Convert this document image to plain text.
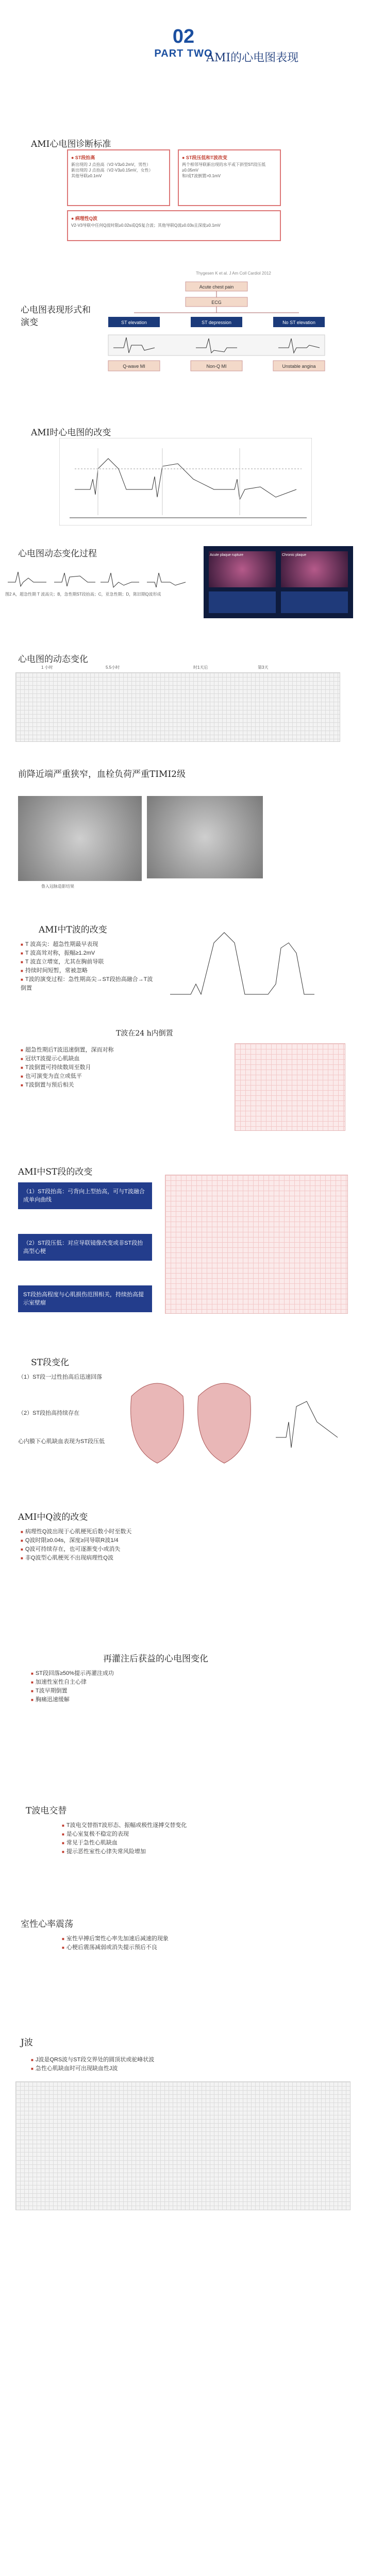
02
PART TWO
AMI的心电图表现
AMI心电图诊断标准
● ST段抬高
新出现的 J 点抬高（V2-V3≥0.2mV，男性）
新出现的 J 点抬高（V2-V3≥0.15mV，女性）
其他导联≥0.1mV
● ST段压低和T波改变
两个相邻导联新出现的水平或下斜型ST段压低≥0.05mV
和/或T波倒置>0.1mV
● 病理性Q波
V2-V3导联中任何Q波时限≥0.02s或QS复合波；其他导联Q波≥0.03s且深度≥0.1mV
Thygesen K et al. J Am Coll Cardiol 2012
心电图表现形式和演变
Acute chest pain
ECG
ST elevation	ST depression	No ST elevation
Q-wave MI	Non-Q MI	Unstable angina
AMI时心电图的改变
心电图动态变化过程
图2 A，超急性期 T 波高尖；B，急性期ST段抬高；C，亚急性期；D，陈旧期Q波形成
Acute plaque rupture	Chronic plaque
心电图的动态变化
1 小时	5.5小时	时1天后	第3天
前降近端严重狭窄，血栓负荷严重TIMI2级
鲁入冠脉造影结果
AMI中T波的改变
■ T 波高尖：超急性期最早表现
■ T 波高耸对称，振幅≥1.2mV
■ T 波直立增宽，尤其在胸前导联
■ 持续时间短暂，常被忽略
■ T波的演变过程：急性期高尖→ST段抬高融合→T波倒置
T波在24 h内倒置
■ 超急性期后T波迅速倒置，深而对称
■ 冠状T波提示心肌缺血
■ T波倒置可持续数周至数月
■ 也可演变为直立或低平
■ T波倒置与预后相关
AMI中ST段的改变
（1）ST段抬高：弓背向上型抬高，可与T波融合成单向曲线
（2）ST段压低：对应导联镜像改变或非ST段抬高型心梗
ST段抬高程度与心肌损伤范围相关，持续抬高提示室壁瘤
ST段变化
（1）ST段一过性抬高后迅速回落
（2）ST段抬高持续存在
心内膜下心肌缺血表现为ST段压低
AMI中Q波的改变
■ 病理性Q波出现于心肌梗死后数小时至数天
■ Q波时限≥0.04s，深度≥同导联R波1/4
■ Q波可持续存在，也可逐渐变小或消失
■ 非Q波型心肌梗死不出现病理性Q波
再灌注后获益的心电图变化
■ ST段回落≥50%提示再灌注成功
■ 加速性室性自主心律
■ T波早期倒置
■ 胸痛迅速缓解
T波电交替
■ T波电交替指T波形态、振幅或极性逐搏交替变化
■ 是心室复极不稳定的表现
■ 常见于急性心肌缺血
■ 提示恶性室性心律失常风险增加
室性心率震荡
■ 室性早搏后窦性心率先加速后减速的现象
■ 心梗后震荡减弱或消失提示预后不良
J波
■ J波是QRS波与ST段交界处的圆顶状或驼峰状波
■ 急性心肌缺血时可出现缺血性J波
